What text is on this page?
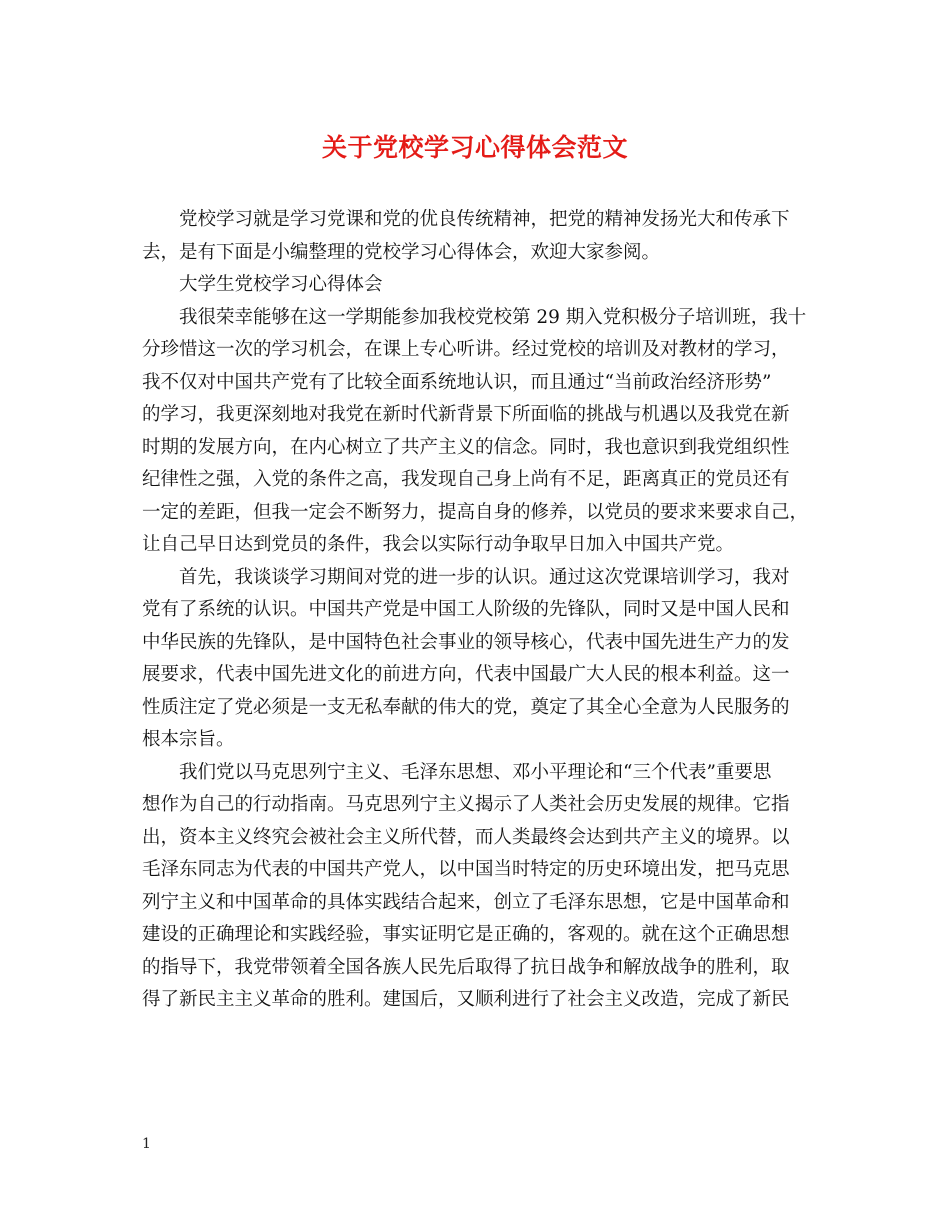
关于党校学习心得体会范文
党校学习就是学习党课和党的优良传统精神，把党的精神发扬光大和传承下
去，是有下面是小编整理的党校学习心得体会，欢迎大家参阅。
大学生党校学习心得体会
我很荣幸能够在这一学期能参加我校党校第 29 期入党积极分子培训班，我十
分珍惜这一次的学习机会，在课上专心听讲。经过党校的培训及对教材的学习，
我不仅对中国共产党有了比较全面系统地认识，而且通过“当前政治经济形势”
的学习，我更深刻地对我党在新时代新背景下所面临的挑战与机遇以及我党在新
时期的发展方向，在内心树立了共产主义的信念。同时，我也意识到我党组织性
纪律性之强，入党的条件之高，我发现自己身上尚有不足，距离真正的党员还有
一定的差距，但我一定会不断努力，提高自身的修养，以党员的要求来要求自己，
让自己早日达到党员的条件，我会以实际行动争取早日加入中国共产党。
首先，我谈谈学习期间对党的进一步的认识。通过这次党课培训学习，我对
党有了系统的认识。中国共产党是中国工人阶级的先锋队，同时又是中国人民和
中华民族的先锋队，是中国特色社会事业的领导核心，代表中国先进生产力的发
展要求，代表中国先进文化的前进方向，代表中国最广大人民的根本利益。这一
性质注定了党必须是一支无私奉献的伟大的党，奠定了其全心全意为人民服务的
根本宗旨。
我们党以马克思列宁主义、毛泽东思想、邓小平理论和“三个代表”重要思
想作为自己的行动指南。马克思列宁主义揭示了人类社会历史发展的规律。它指
出，资本主义终究会被社会主义所代替，而人类最终会达到共产主义的境界。以
毛泽东同志为代表的中国共产党人，以中国当时特定的历史环境出发，把马克思
列宁主义和中国革命的具体实践结合起来，创立了毛泽东思想，它是中国革命和
建设的正确理论和实践经验，事实证明它是正确的，客观的。就在这个正确思想
的指导下，我党带领着全国各族人民先后取得了抗日战争和解放战争的胜利，取
得了新民主主义革命的胜利。建国后，又顺利进行了社会主义改造，完成了新民
1
